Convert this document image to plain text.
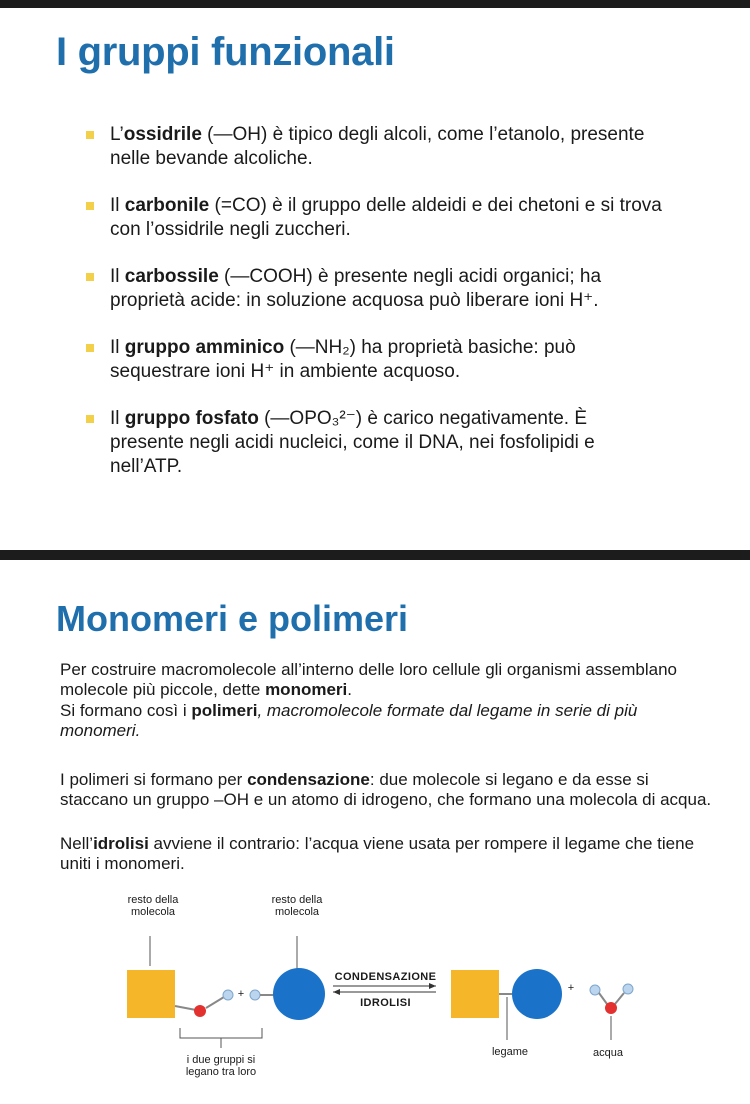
I gruppi funzionali
L’ossidrile (—OH) è tipico degli alcoli, come l’etanolo, presente nelle bevande alcoliche.
Il carbonile (=CO) è il gruppo delle aldeidi e dei chetoni e si trova con l’ossidrile negli zuccheri.
Il carbossile (—COOH) è presente negli acidi organici; ha proprietà acide: in soluzione acquosa può liberare ioni H⁺.
Il gruppo amminico (—NH₂) ha proprietà basiche: può sequestrare ioni H⁺ in ambiente acquoso.
Il gruppo fosfato (—OPO₃²⁻) è carico negativamente. È presente negli acidi nucleici, come il DNA, nei fosfolipidi e nell’ATP.
Monomeri e polimeri

Per costruire macromolecole all’interno delle loro cellule gli organismi assemblano molecole più piccole, dette monomeri.

Si formano così i polimeri, macromolecole formate dal legame in serie di più monomeri.

I polimeri si formano per condensazione: due molecole si legano e da esse si staccano un gruppo –OH e un atomo di idrogeno, che formano una molecola di acqua.

Nell’idrolisi avviene il contrario: l’acqua viene usata per rompere il legame che tiene uniti i monomeri.

resto della molecola
resto della molecola
+	+
CONDENSAZIONE
IDROLISI
legame	acqua
i due gruppi si legano tra loro
